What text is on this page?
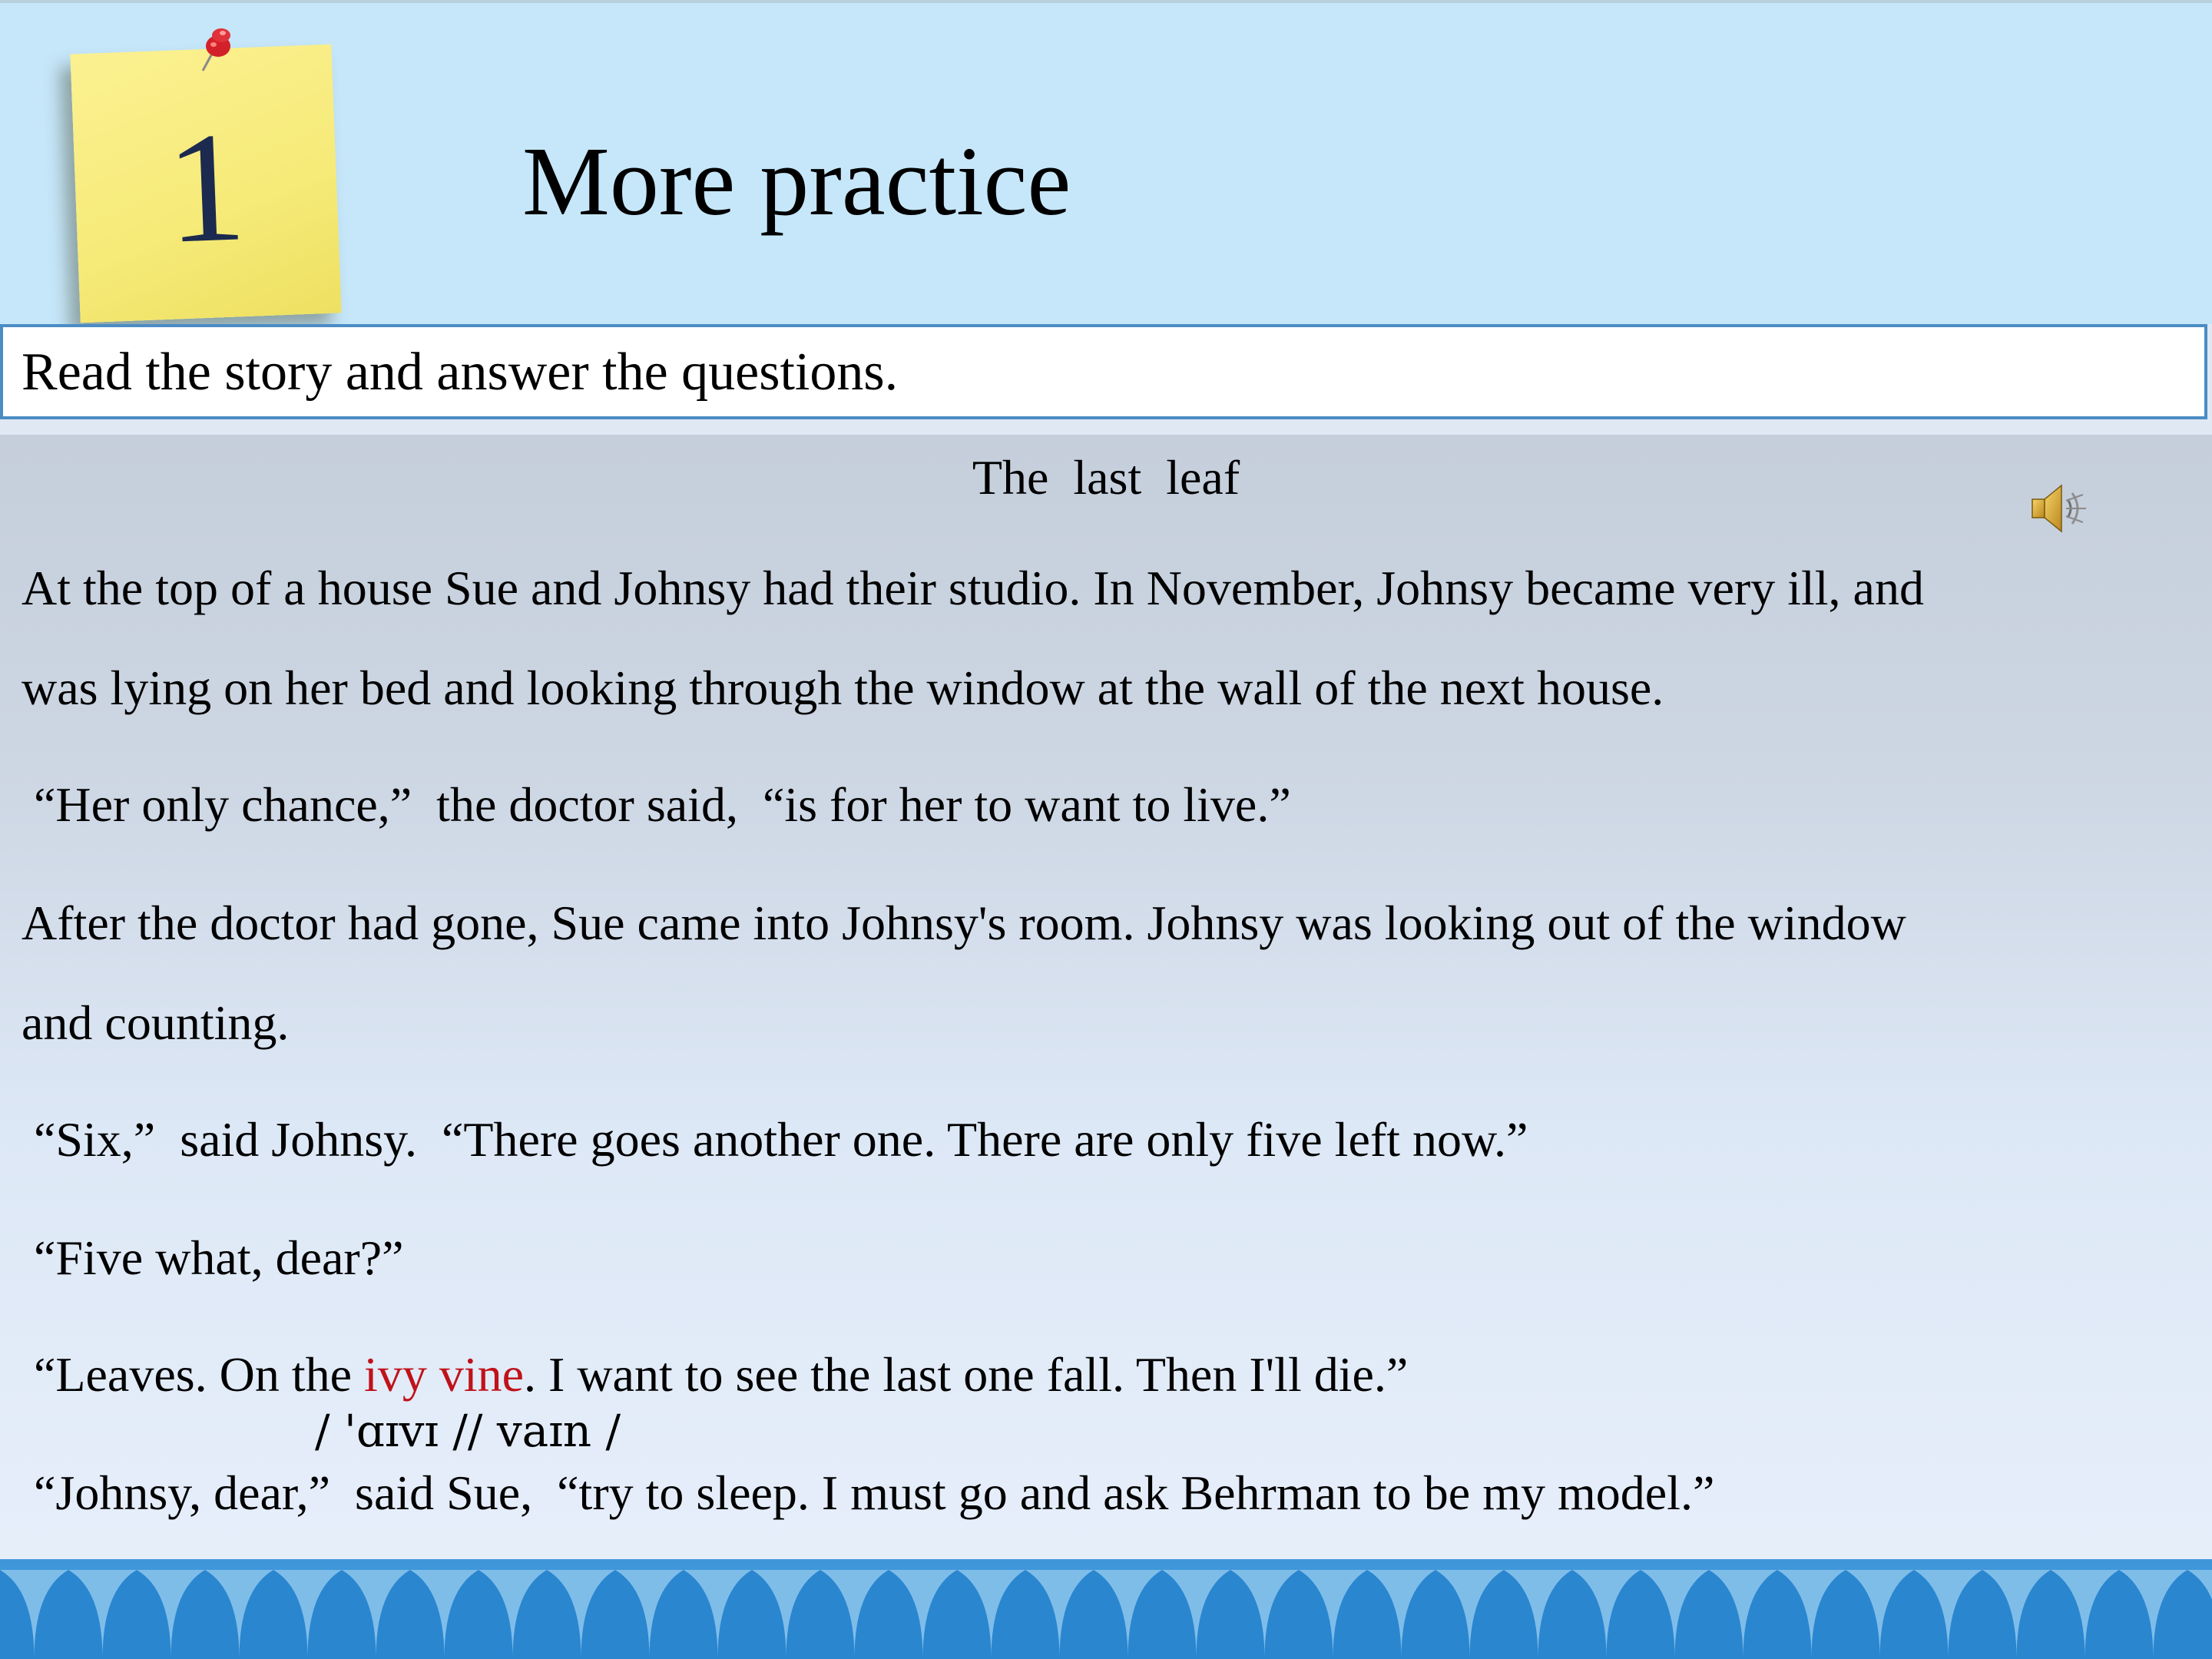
1	More practice
Read the story and answer the questions.
The  last  leaf
At the top of a house Sue and Johnsy had their studio. In November, Johnsy became very ill, and
was lying on her bed and looking through the window at the wall of the next house.
“Her only chance,”  the doctor said,  “is for her to want to live.”
After the doctor had gone, Sue came into Johnsy's room. Johnsy was looking out of the window
and counting.
“Six,”  said Johnsy.  “There goes another one. There are only five left now.”
“Five what, dear?”
“Leaves. On the ivy vine. I want to see the last one fall. Then I'll die.”
/ 'ɑɪvɪ // vaɪn /
“Johnsy, dear,”  said Sue,  “try to sleep. I must go and ask Behrman to be my model.”
